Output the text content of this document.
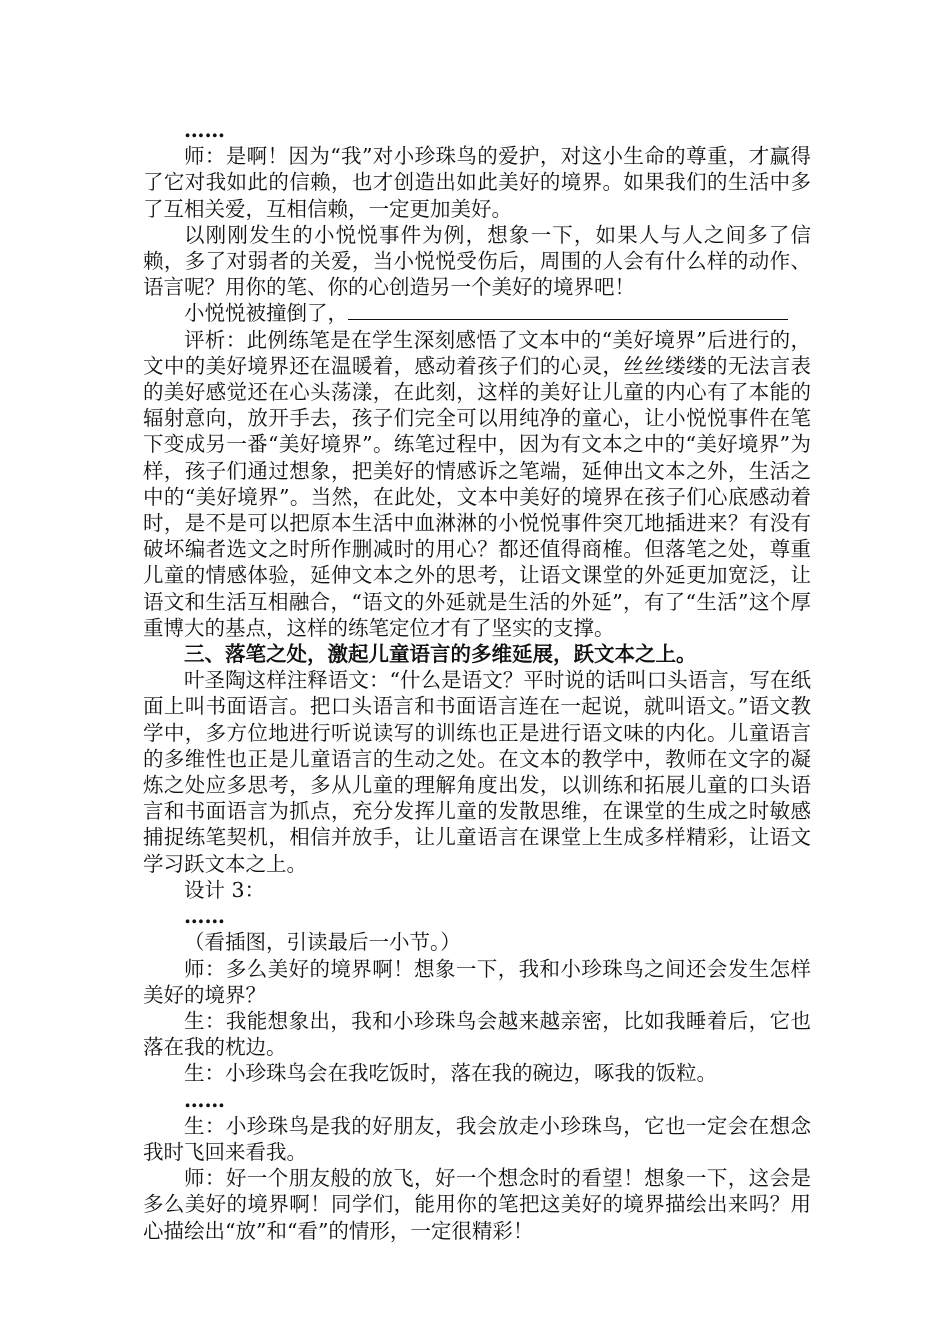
……

师：是啊！因为“我”对小珍珠鸟的爱护，对这小生命的尊重，才赢得了它对我如此的信赖，也才创造出如此美好的境界。如果我们的生活中多了互相关爱，互相信赖，一定更加美好。

以刚刚发生的小悦悦事件为例，想象一下，如果人与人之间多了信赖，多了对弱者的关爱，当小悦悦受伤后，周围的人会有什么样的动作、语言呢？用你的笔、你的心创造另一个美好的境界吧！

小悦悦被撞倒了，

评析：此例练笔是在学生深刻感悟了文本中的“美好境界”后进行的，文中的美好境界还在温暖着，感动着孩子们的心灵，丝丝缕缕的无法言表的美好感觉还在心头荡漾，在此刻，这样的美好让儿童的内心有了本能的辐射意向，放开手去，孩子们完全可以用纯净的童心，让小悦悦事件在笔下变成另一番“美好境界”。练笔过程中，因为有文本之中的“美好境界”为样，孩子们通过想象，把美好的情感诉之笔端，延伸出文本之外，生活之中的“美好境界”。当然，在此处，文本中美好的境界在孩子们心底感动着时，是不是可以把原本生活中血淋淋的小悦悦事件突兀地插进来？有没有破坏编者选文之时所作删减时的用心？都还值得商榷。但落笔之处，尊重儿童的情感体验，延伸文本之外的思考，让语文课堂的外延更加宽泛，让语文和生活互相融合，“语文的外延就是生活的外延”，有了“生活”这个厚重博大的基点，这样的练笔定位才有了坚实的支撑。

三、落笔之处，激起儿童语言的多维延展，跃文本之上。

叶圣陶这样注释语文：“什么是语文？平时说的话叫口头语言，写在纸面上叫书面语言。把口头语言和书面语言连在一起说，就叫语文。”语文教学中，多方位地进行听说读写的训练也正是进行语文味的内化。儿童语言的多维性也正是儿童语言的生动之处。在文本的教学中，教师在文字的凝炼之处应多思考，多从儿童的理解角度出发，以训练和拓展儿童的口头语言和书面语言为抓点，充分发挥儿童的发散思维，在课堂的生成之时敏感捕捉练笔契机，相信并放手，让儿童语言在课堂上生成多样精彩，让语文学习跃文本之上。

设计 3：

……

（看插图，引读最后一小节。）

师：多么美好的境界啊！想象一下，我和小珍珠鸟之间还会发生怎样美好的境界？

生：我能想象出，我和小珍珠鸟会越来越亲密，比如我睡着后，它也落在我的枕边。

生：小珍珠鸟会在我吃饭时，落在我的碗边，啄我的饭粒。

……

生：小珍珠鸟是我的好朋友，我会放走小珍珠鸟，它也一定会在想念我时飞回来看我。

师：好一个朋友般的放飞，好一个想念时的看望！想象一下，这会是多么美好的境界啊！同学们，能用你的笔把这美好的境界描绘出来吗？用心描绘出“放”和“看”的情形，一定很精彩！
